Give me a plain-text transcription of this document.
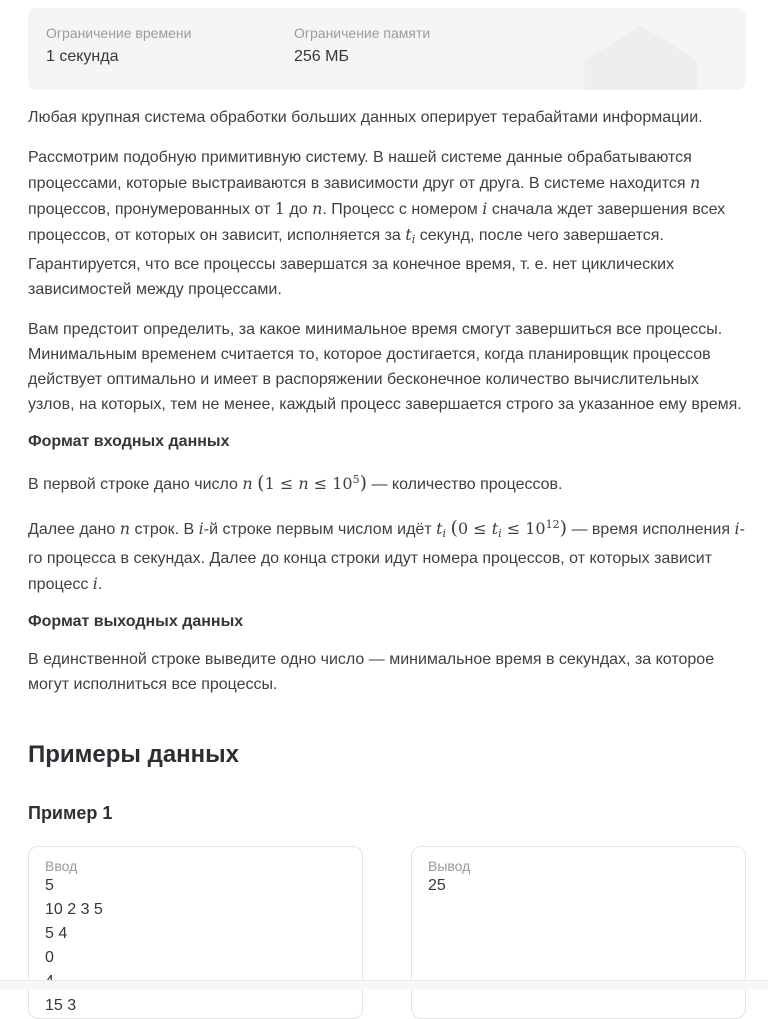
Ограничение времени
1 секунда
Ограничение памяти
256 МБ

Любая крупная система обработки больших данных оперирует терабайтами информации.

Рассмотрим подобную примитивную систему. В нашей системе данные обрабатываются процессами, которые выстраиваются в зависимости друг от друга. В системе находится n процессов, пронумерованных от 1 до n. Процесс с номером i сначала ждет завершения всех процессов, от которых он зависит, исполняется за ti секунд, после чего завершается. Гарантируется, что все процессы завершатся за конечное время, т. е. нет циклических зависимостей между процессами.

Вам предстоит определить, за какое минимальное время смогут завершиться все процессы. Минимальным временем считается то, которое достигается, когда планировщик процессов действует оптимально и имеет в распоряжении бесконечное количество вычислительных узлов, на которых, тем не менее, каждый процесс завершается строго за указанное ему время.

Формат входных данных

В первой строке дано число n $(1 \le n \le 10^5)$ — количество процессов.

Далее дано n строк. В i-й строке первым числом идёт ti (0 ≤ ti ≤ $10^{12}$) — время исполнения i-го процесса в секундах. Далее до конца строки идут номера процессов, от которых зависит процесс i.

Формат выходных данных

В единственной строке выведите одно число — минимальное время в секундах, за которое могут исполниться все процессы.

Примеры данных
Пример 1
Ввод
5
10 2 3 5
5 4
0
15 3
Вывод
25
